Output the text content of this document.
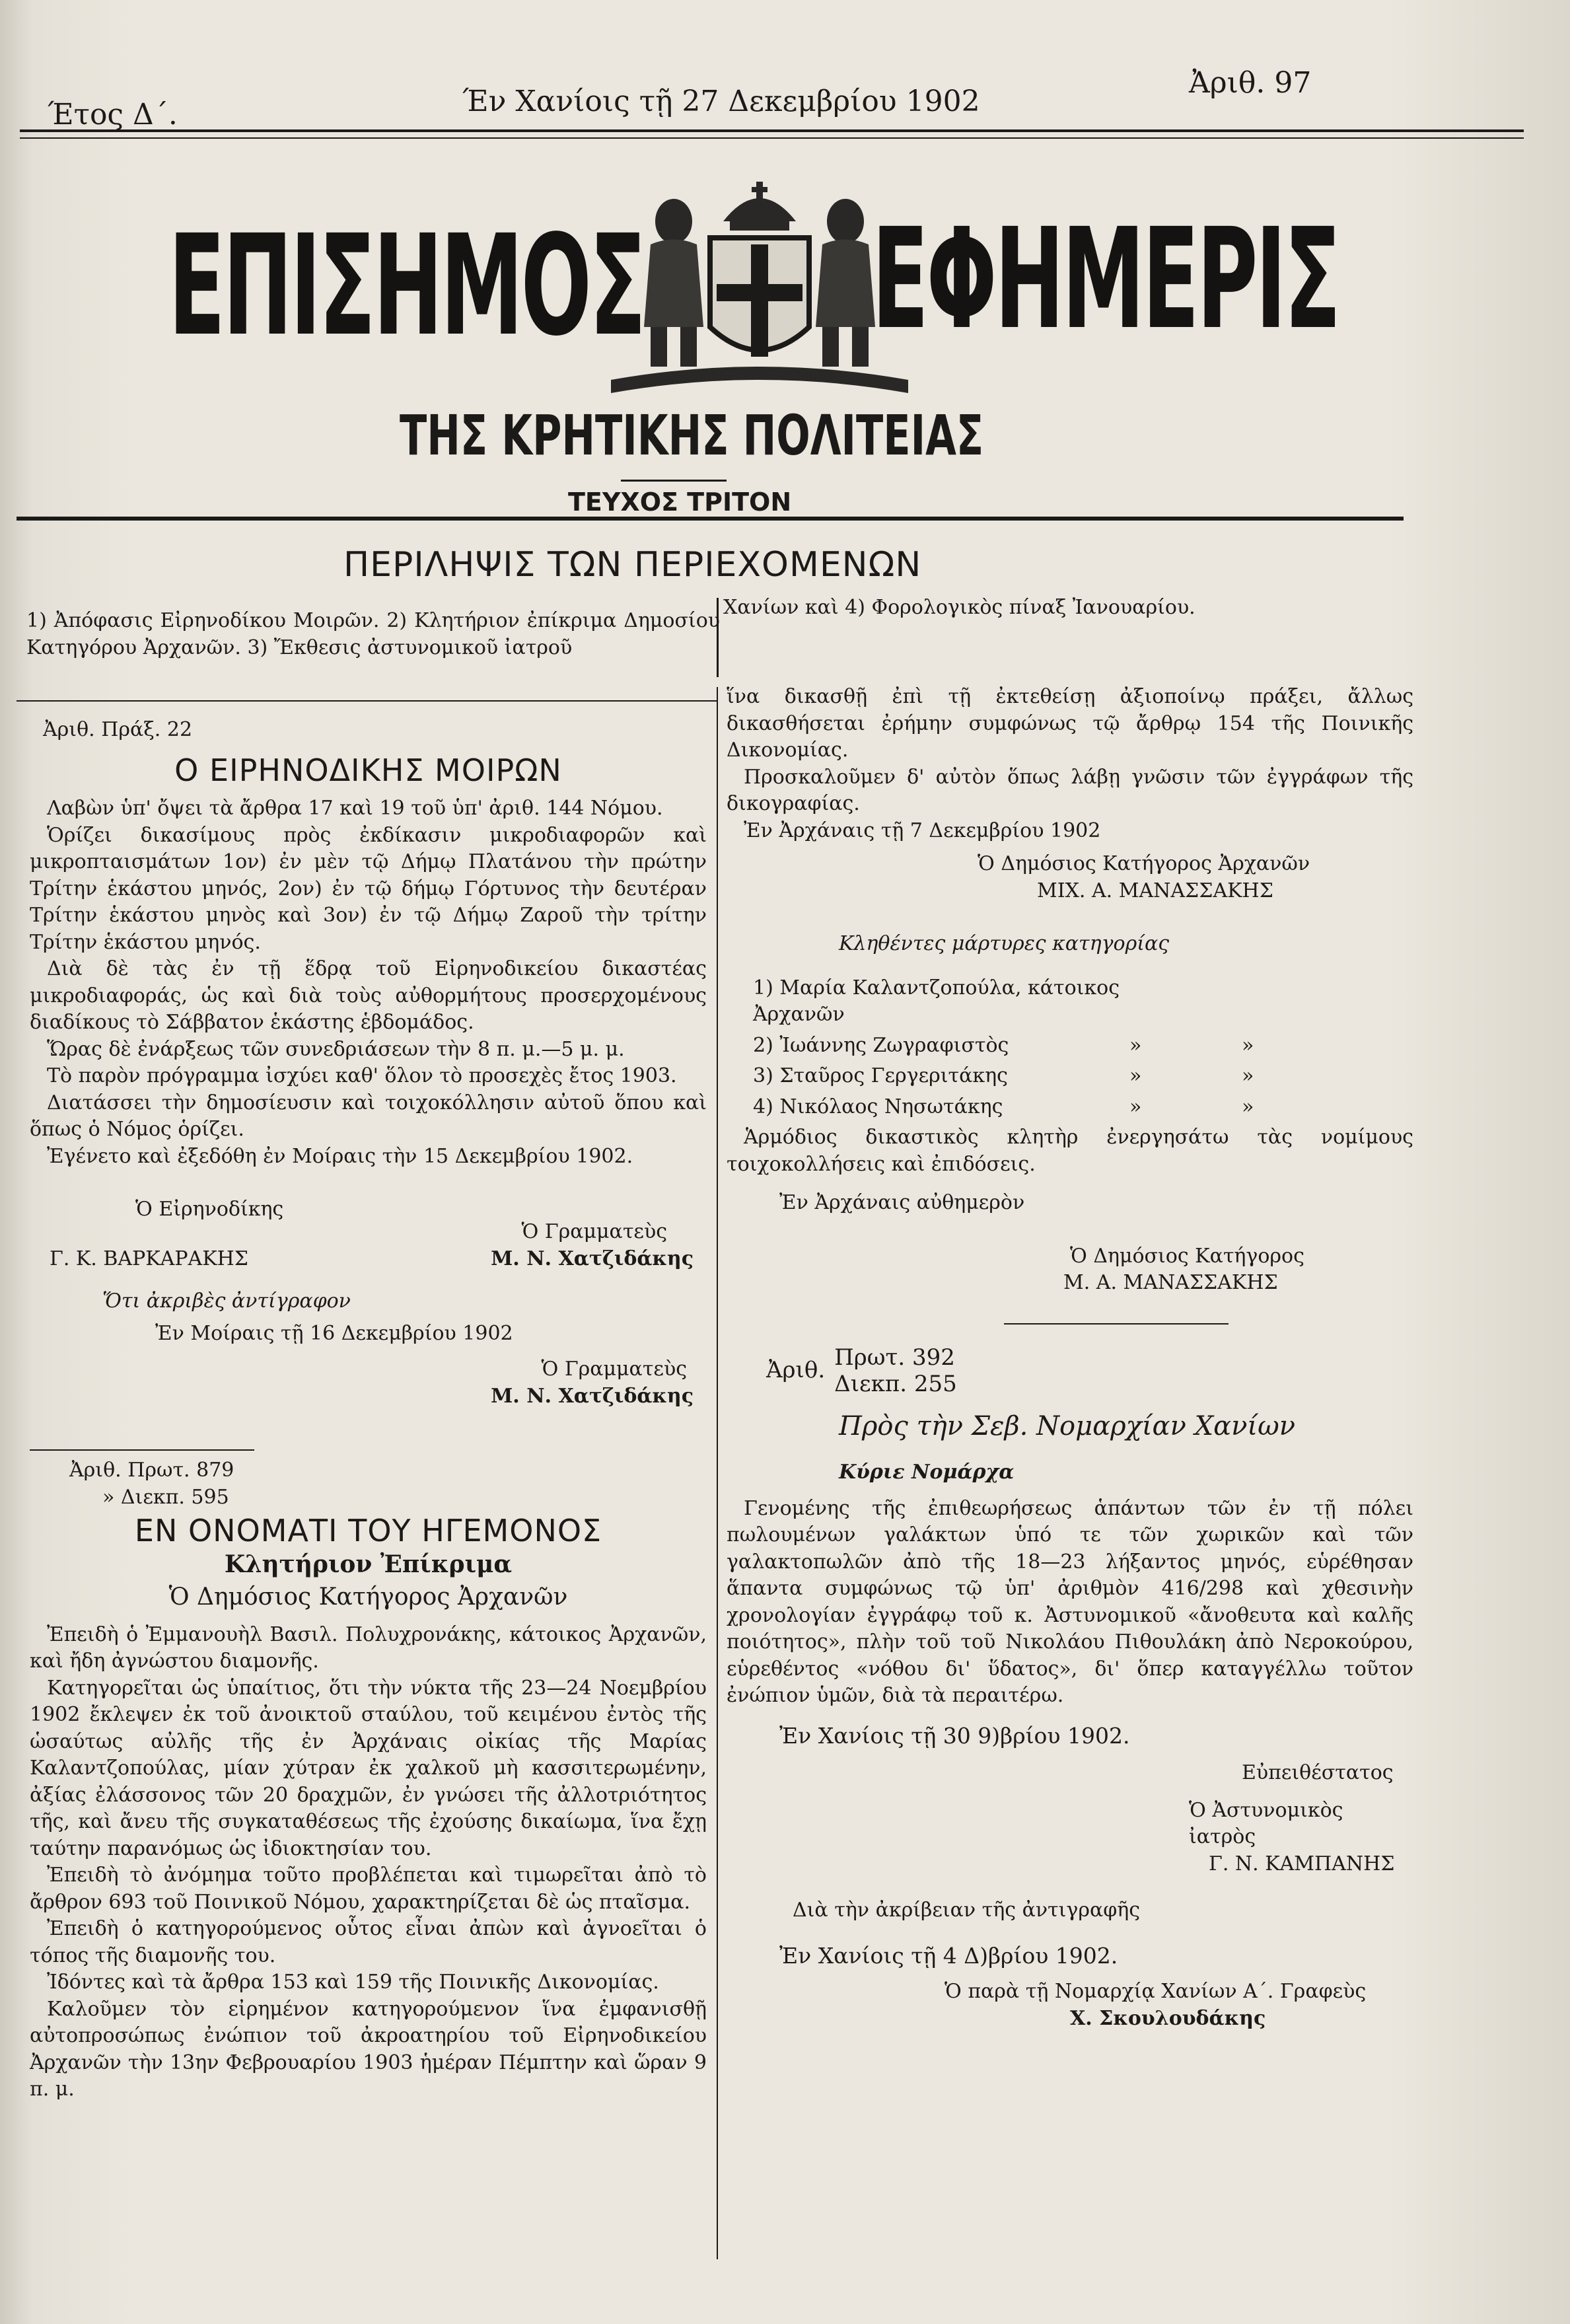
Έτος Δ΄.	Έν Χανίοις τῇ 27 Δεκεμβρίου 1902
Ἀριθ. 97
ΕΠΙΣΗΜΟΣ ΕΦΗΜΕΡΙΣ
ΤΗΣ ΚΡΗΤΙΚΗΣ ΠΟΛΙΤΕΙΑΣ
ΤΕΥΧΟΣ ΤΡΙΤΟΝ
ΠΕΡΙΛΗΨΙΣ ΤΩΝ ΠΕΡΙΕΧΟΜΕΝΩΝ

1) Ἀπόφασις Εἰρηνοδίκου Μοιρῶν. 2) Κλητήριον ἐπίκριμα Δημοσίου Κατηγόρου Ἀρχανῶν. 3) Ἔκθεσις ἀστυνομικοῦ ἰατροῦ

Χανίων καὶ 4) Φορολογικὸς πίναξ Ἰανουαρίου.

Ἀριθ. Πράξ. 22
Ο ΕΙΡΗΝΟΔΙΚΗΣ ΜΟΙΡΩΝ

Λαβὼν ὑπ' ὄψει τὰ ἄρθρα 17 καὶ 19 τοῦ ὑπ' ἀριθ. 144 Νόμου.

Ὁρίζει δικασίμους πρὸς ἐκδίκασιν μικροδιαφορῶν καὶ μικροπταισμάτων 1ον) ἐν μὲν τῷ Δήμῳ Πλατάνου τὴν πρώτην Τρίτην ἑκάστου μηνός, 2ον) ἐν τῷ δήμῳ Γόρτυνος τὴν δευτέραν Τρίτην ἑκάστου μηνὸς καὶ 3ον) ἐν τῷ Δήμῳ Ζαροῦ τὴν τρίτην Τρίτην ἑκάστου μηνός.

Διὰ δὲ τὰς ἐν τῇ ἕδρᾳ τοῦ Εἰρηνοδικείου δικαστέας μικροδιαφοράς, ὡς καὶ διὰ τοὺς αὐθορμήτους προσερχομένους διαδίκους τὸ Σάββατον ἑκάστης ἑβδομάδος.

Ὥρας δὲ ἐνάρξεως τῶν συνεδριάσεων τὴν 8 π. μ.—5 μ. μ.

Τὸ παρὸν πρόγραμμα ἰσχύει καθ' ὅλον τὸ προσεχὲς ἔτος 1903.

Διατάσσει τὴν δημοσίευσιν καὶ τοιχοκόλλησιν αὐτοῦ ὅπου καὶ ὅπως ὁ Νόμος ὁρίζει.

Ἐγένετο καὶ ἐξεδόθη ἐν Μοίραις τὴν 15 Δεκεμβρίου 1902.

Ὁ Εἰρηνοδίκης
Ὁ Γραμματεὺς
Γ. Κ. ΒΑΡΚΑΡΑΚΗΣ	Μ. Ν. Χατζιδάκης
Ὅτι ἀκριβὲς ἀντίγραφον
Ἐν Μοίραις τῇ 16 Δεκεμβρίου 1902
Ὁ Γραμματεὺς
Μ. Ν. Χατζιδάκης
Ἀριθ. Πρωτ. 879
» Διεκπ. 595
ΕΝ ΟΝΟΜΑΤΙ ΤΟΥ ΗΓΕΜΟΝΟΣ
Κλητήριον Ἐπίκριμα
Ὁ Δημόσιος Κατήγορος Ἀρχανῶν

Ἐπειδὴ ὁ Ἐμμανουὴλ Βασιλ. Πολυχρονάκης, κάτοικος Ἀρχανῶν, καὶ ἤδη ἀγνώστου διαμονῆς.

Κατηγορεῖται ὡς ὑπαίτιος, ὅτι τὴν νύκτα τῆς 23—24 Νοεμβρίου 1902 ἔκλεψεν ἐκ τοῦ ἀνοικτοῦ σταύλου, τοῦ κειμένου ἐντὸς τῆς ὡσαύτως αὐλῆς τῆς ἐν Ἀρχάναις οἰκίας τῆς Μαρίας Καλαντζοπούλας, μίαν χύτραν ἐκ χαλκοῦ μὴ κασσιτερωμένην, ἀξίας ἐλάσσονος τῶν 20 δραχμῶν, ἐν γνώσει τῆς ἀλλοτριότητος τῆς, καὶ ἄνευ τῆς συγκαταθέσεως τῆς ἐχούσης δικαίωμα, ἵνα ἔχῃ ταύτην παρανόμως ὡς ἰδιοκτησίαν του.

Ἐπειδὴ τὸ ἀνόμημα τοῦτο προβλέπεται καὶ τιμωρεῖται ἀπὸ τὸ ἄρθρον 693 τοῦ Ποινικοῦ Νόμου, χαρακτηρίζεται δὲ ὡς πταῖσμα.

Ἐπειδὴ ὁ κατηγορούμενος οὗτος εἶναι ἀπὼν καὶ ἀγνοεῖται ὁ τόπος τῆς διαμονῆς του.

Ἰδόντες καὶ τὰ ἄρθρα 153 καὶ 159 τῆς Ποινικῆς Δικονομίας.

Καλοῦμεν τὸν εἰρημένον κατηγορούμενον ἵνα ἐμφανισθῇ αὐτοπροσώπως ἐνώπιον τοῦ ἀκροατηρίου τοῦ Εἰρηνοδικείου Ἀρχανῶν τὴν 13ην Φεβρουαρίου 1903 ἡμέραν Πέμπτην καὶ ὥραν 9 π. μ.

ἵνα δικασθῇ ἐπὶ τῇ ἐκτεθείσῃ ἀξιοποίνῳ πράξει, ἄλλως δικασθήσεται ἐρήμην συμφώνως τῷ ἄρθρῳ 154 τῆς Ποινικῆς Δικονομίας.

Προσκαλοῦμεν δ' αὐτὸν ὅπως λάβῃ γνῶσιν τῶν ἐγγράφων τῆς δικογραφίας.

Ἐν Ἀρχάναις τῇ 7 Δεκεμβρίου 1902
Ὁ Δημόσιος Κατήγορος Ἀρχανῶν
ΜΙΧ. Α. ΜΑΝΑΣΣΑΚΗΣ
Κληθέντες μάρτυρες κατηγορίας
1) Μαρία Καλαντζοπούλα, κάτοικος Ἀρχανῶν
2) Ἰωάννης Ζωγραφιστὸς	»	»
3) Σταῦρος Γεργεριτάκης	»	»
4) Νικόλαος Νησωτάκης	»	»

Ἁρμόδιος δικαστικὸς κλητὴρ ἐνεργησάτω τὰς νομίμους τοιχοκολλήσεις καὶ ἐπιδόσεις.

Ἐν Ἀρχάναις αὐθημερὸν
Ὁ Δημόσιος Κατήγορος
Μ. Α. ΜΑΝΑΣΣΑΚΗΣ
Ἀριθ. Πρωτ. 392
Διεκπ. 255
Πρὸς τὴν Σεβ. Νομαρχίαν Χανίων
Κύριε Νομάρχα

Γενομένης τῆς ἐπιθεωρήσεως ἁπάντων τῶν ἐν τῇ πόλει πωλουμένων γαλάκτων ὑπό τε τῶν χωρικῶν καὶ τῶν γαλακτοπωλῶν ἀπὸ τῆς 18—23 λήξαντος μηνός, εὑρέθησαν ἅπαντα συμφώνως τῷ ὑπ' ἀριθμὸν 416/298 καὶ χθεσινὴν χρονολογίαν ἐγγράφῳ τοῦ κ. Ἀστυνομικοῦ «ἄνοθευτα καὶ καλῆς ποιότητος», πλὴν τοῦ τοῦ Νικολάου Πιθουλάκη ἀπὸ Νεροκούρου, εὑρεθέντος «νόθου δι' ὕδατος», δι' ὅπερ καταγγέλλω τοῦτον ἐνώπιον ὑμῶν, διὰ τὰ περαιτέρω.

Ἐν Χανίοις τῇ 30 9)βρίου 1902.
Εὐπειθέστατος
Ὁ Ἀστυνομικὸς ἰατρὸς
Γ. Ν. ΚΑΜΠΑΝΗΣ
Διὰ τὴν ἀκρίβειαν τῆς ἀντιγραφῆς
Ἐν Χανίοις τῇ 4 Δ)βρίου 1902.
Ὁ παρὰ τῇ Νομαρχίᾳ Χανίων Α΄. Γραφεὺς
Χ. Σκουλουδάκης
